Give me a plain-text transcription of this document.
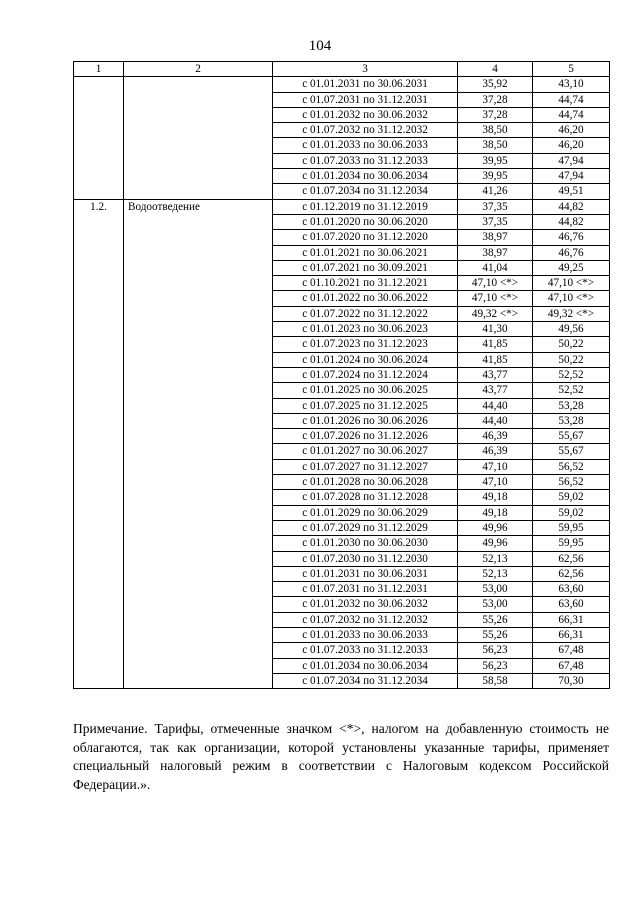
104
1	2	3	4	5
		с 01.01.2031 по 30.06.2031	35,92	43,10
		с 01.07.2031 по 31.12.2031	37,28	44,74
		с 01.01.2032 по 30.06.2032	37,28	44,74
		с 01.07.2032 по 31.12.2032	38,50	46,20
		с 01.01.2033 по 30.06.2033	38,50	46,20
		с 01.07.2033 по 31.12.2033	39,95	47,94
		с 01.01.2034 по 30.06.2034	39,95	47,94
		с 01.07.2034 по 31.12.2034	41,26	49,51
1.2.	Водоотведение	с 01.12.2019 по 31.12.2019	37,35	44,82
		с 01.01.2020 по 30.06.2020	37,35	44,82
		с 01.07.2020 по 31.12.2020	38,97	46,76
		с 01.01.2021 по 30.06.2021	38,97	46,76
		с 01.07.2021 по 30.09.2021	41,04	49,25
		с 01.10.2021 по 31.12.2021	47,10 <*>	47,10 <*>
		с 01.01.2022 по 30.06.2022	47,10 <*>	47,10 <*>
		с 01.07.2022 по 31.12.2022	49,32 <*>	49,32 <*>
		с 01.01.2023 по 30.06.2023	41,30	49,56
		с 01.07.2023 по 31.12.2023	41,85	50,22
		с 01.01.2024 по 30.06.2024	41,85	50,22
		с 01.07.2024 по 31.12.2024	43,77	52,52
		с 01.01.2025 по 30.06.2025	43,77	52,52
		с 01.07.2025 по 31.12.2025	44,40	53,28
		с 01.01.2026 по 30.06.2026	44,40	53,28
		с 01.07.2026 по 31.12.2026	46,39	55,67
		с 01.01.2027 по 30.06.2027	46,39	55,67
		с 01.07.2027 по 31.12.2027	47,10	56,52
		с 01.01.2028 по 30.06.2028	47,10	56,52
		с 01.07.2028 по 31.12.2028	49,18	59,02
		с 01.01.2029 по 30.06.2029	49,18	59,02
		с 01.07.2029 по 31.12.2029	49,96	59,95
		с 01.01.2030 по 30.06.2030	49,96	59,95
		с 01.07.2030 по 31.12.2030	52,13	62,56
		с 01.01.2031 по 30.06.2031	52,13	62,56
		с 01.07.2031 по 31.12.2031	53,00	63,60
		с 01.01.2032 по 30.06.2032	53,00	63,60
		с 01.07.2032 по 31.12.2032	55,26	66,31
		с 01.01.2033 по 30.06.2033	55,26	66,31
		с 01.07.2033 по 31.12.2033	56,23	67,48
		с 01.01.2034 по 30.06.2034	56,23	67,48
		с 01.07.2034 по 31.12.2034	58,58	70,30
Примечание. Тарифы, отмеченные значком <*>, налогом на добавленную стоимость не облагаются, так как организации, которой установлены указанные тарифы, применяет специальный налоговый режим в соответствии с Налоговым кодексом Российской Федерации.».
